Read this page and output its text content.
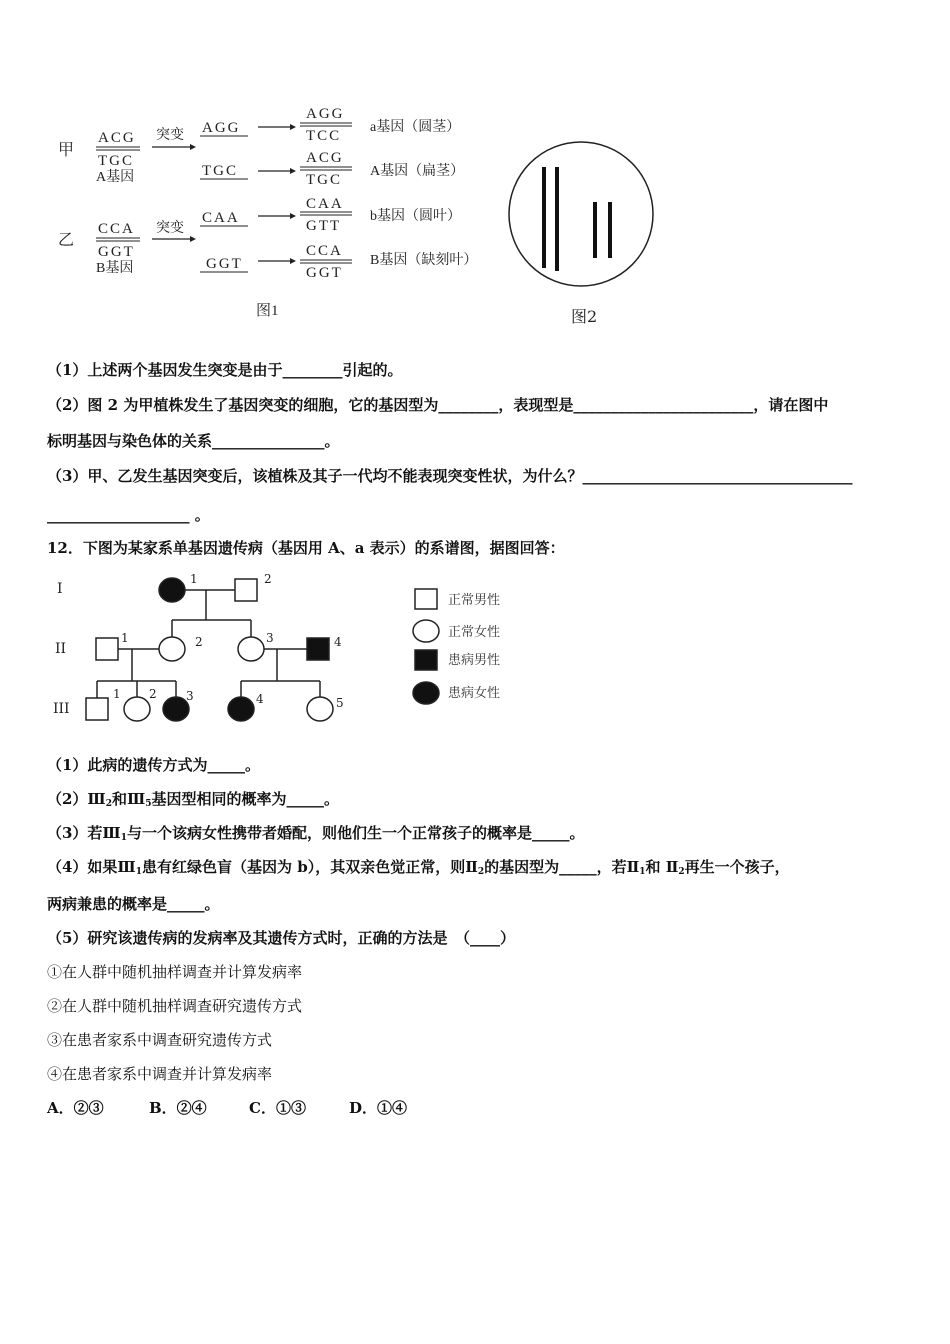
甲
ACG
TGC
A基因
突变 AGG
AGG
TCC
a基因（圆茎）
TGC
ACG
TGC
A基因（扁茎）
乙
CCA
GGT
B基因
突变
CAA
CAA
GTT
b基因（圆叶）
GGT
CCA
GGT
B基因（缺刻叶）
图1	图2
（1）上述两个基因发生突变是由于________引起的。
（2）图 2 为甲植株发生了基因突变的细胞，它的基因型为________，表现型是________________________，请在图中
标明基因与染色体的关系_______________。
（3）甲、乙发生基因突变后，该植株及其子一代均不能表现突变性状，为什么？____________________________________
___________________ 。
12．下图为某家系单基因遗传病（基因用 A、a 表示）的系谱图，据图回答：
I
II
III
1	2
1	2	3	4
1 2 3	4	5
正常男性
正常女性
患病男性
患病女性
（1）此病的遗传方式为_____。
$(2)Ⅲ_2$和$Ⅲ_5$基因型相同的概率为_____。
（3）若$Ⅲ_1$与一个该病女性携带者婚配，则他们生一个正常孩子的概率是_____。
（4）如果$Ⅲ_1$患有红绿色盲（基因为 b），其双亲色觉正常，则$Ⅱ_2$的基因型为_____，若$Ⅱ_1$和 $Ⅱ_2$再生一个孩子，
两病兼患的概率是_____。
（5）研究该遗传病的发病率及其遗传方式时，正确的方法是　（____）
①在人群中随机抽样调查并计算发病率
②在人群中随机抽样调查研究遗传方式
③在患者家系中调查研究遗传方式
④在患者家系中调查并计算发病率
A．②③	B．②④	C．①③	D．①④
